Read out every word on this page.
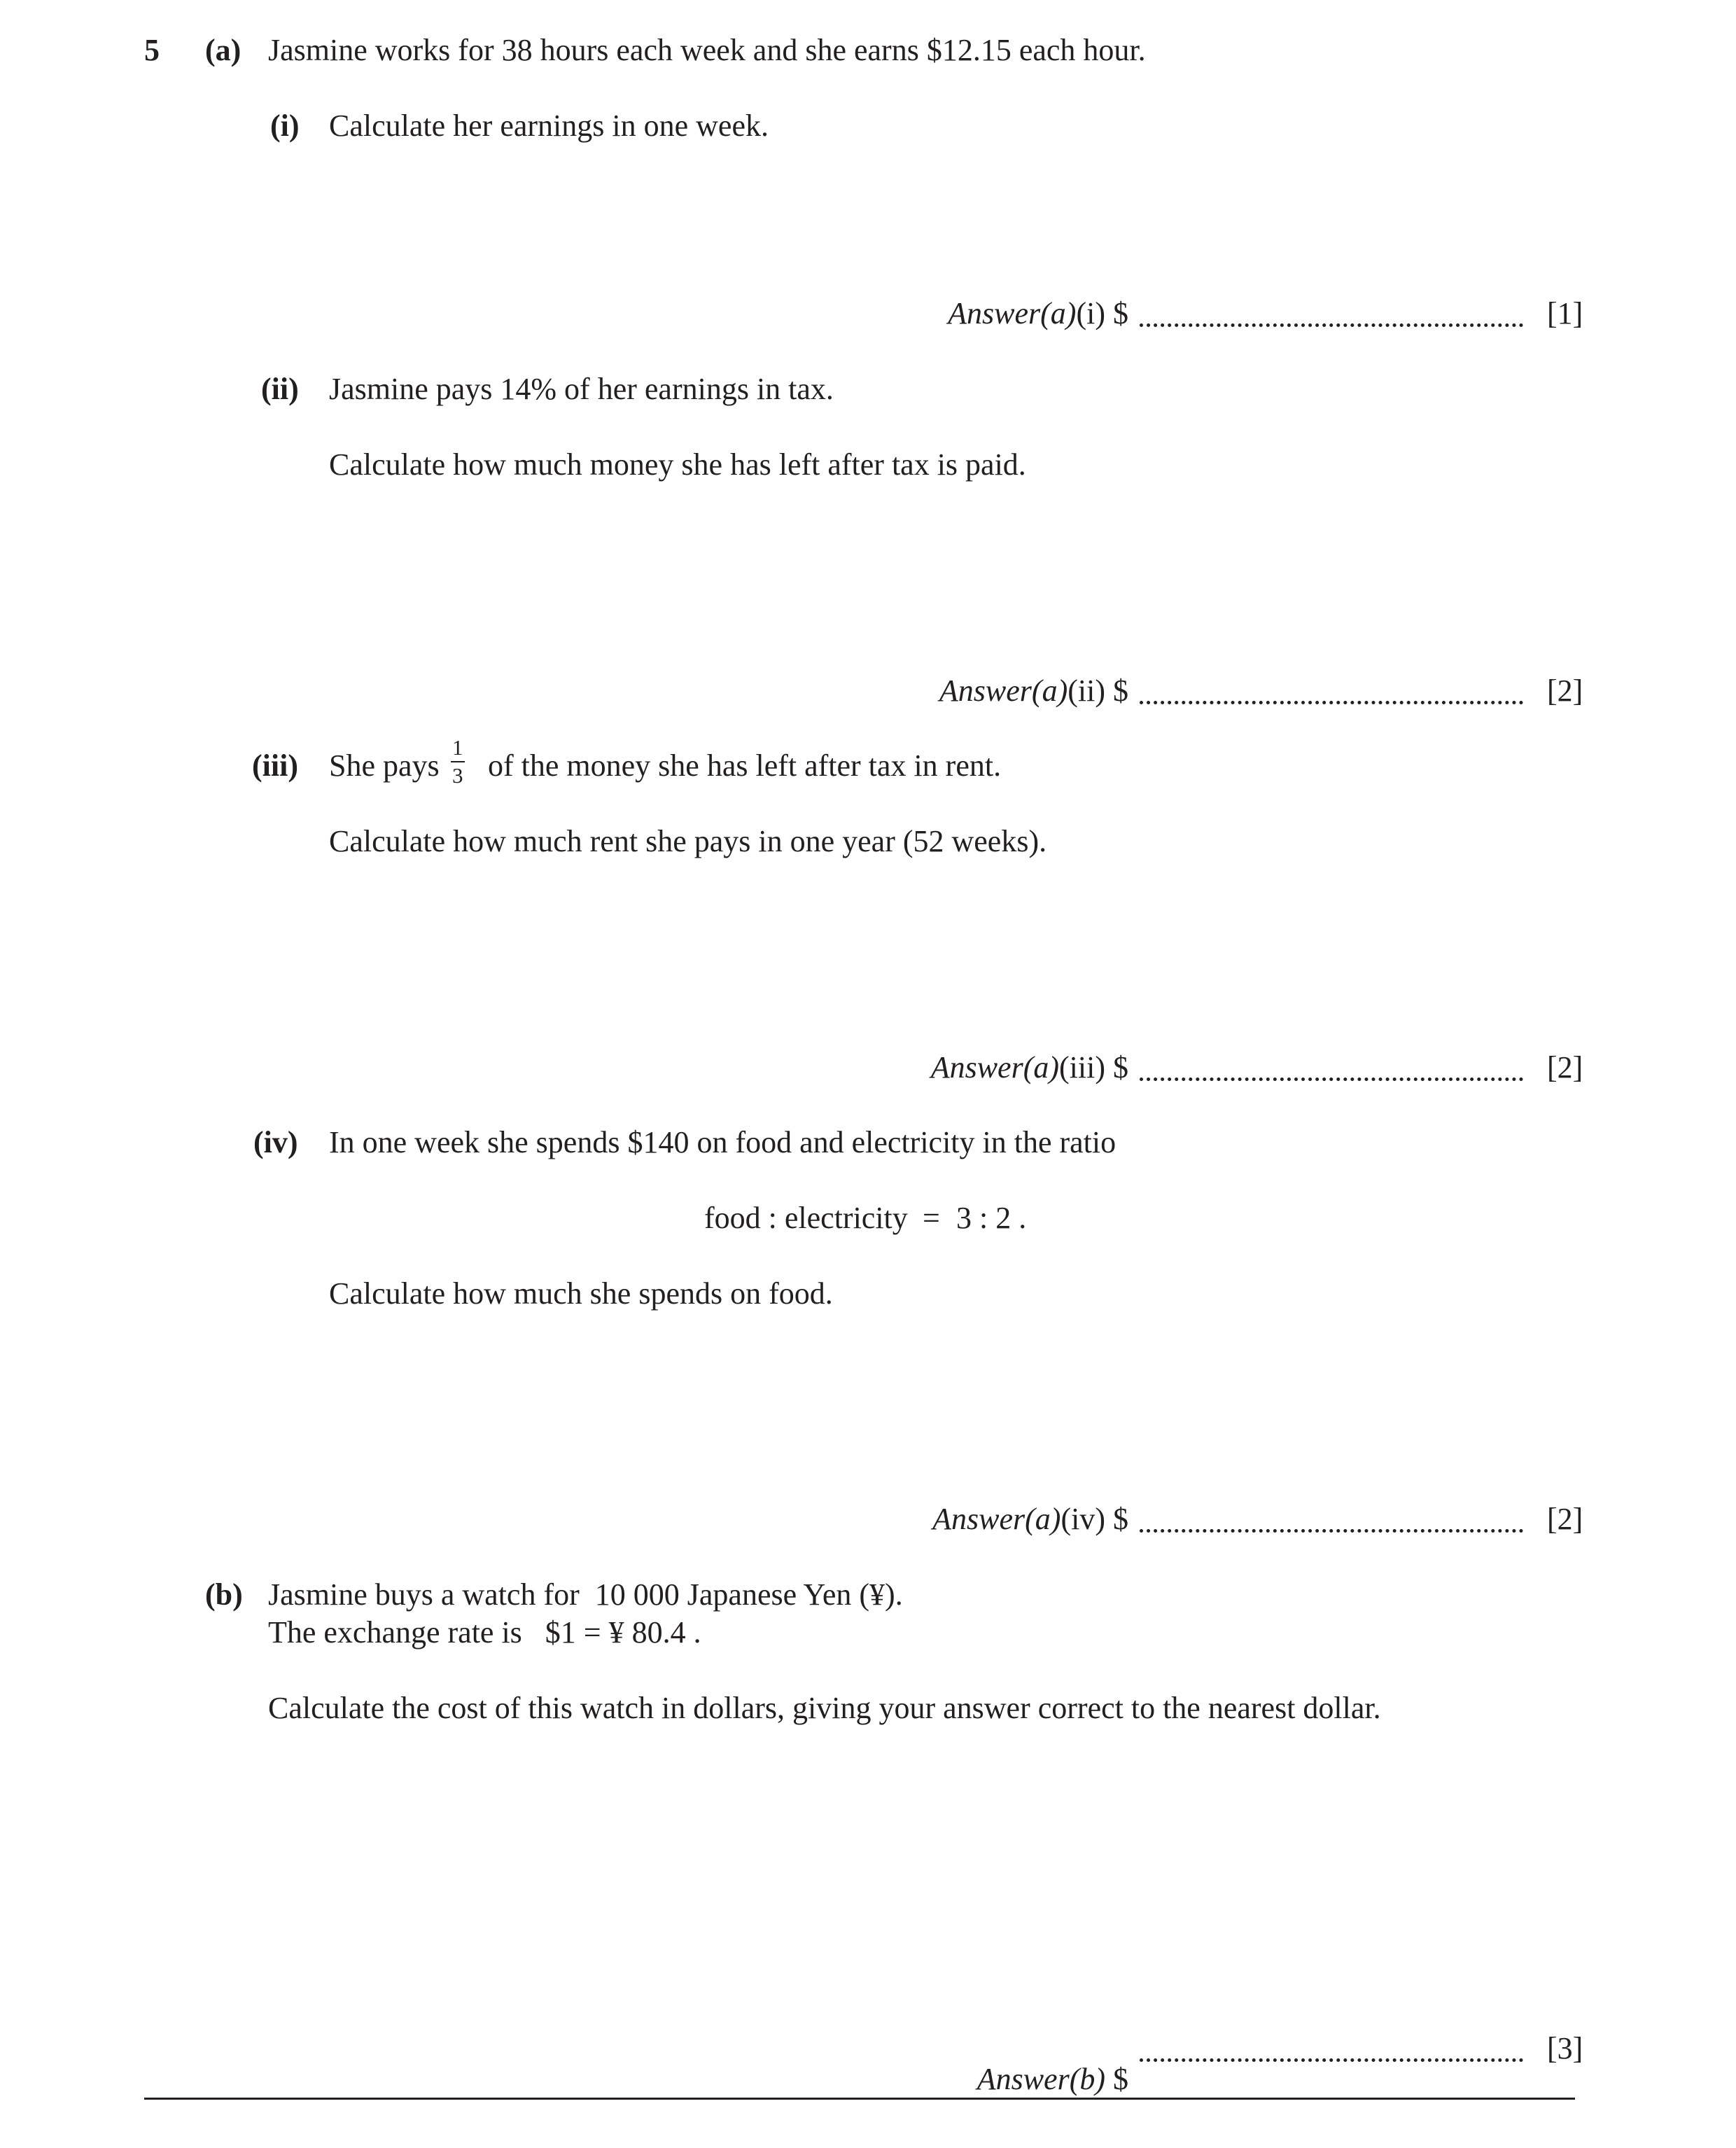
5 (a) Jasmine works for 38 hours each week and she earns $12.15 each hour.
(i) Calculate her earnings in one week.
Answer(a)(i) $	[1]
(ii) Jasmine pays 14% of her earnings in tax.
Calculate how much money she has left after tax is paid.
Answer(a)(ii) $	[2]
(iii) She pays $\frac{1}{3}$ of the money she has left after tax in rent.
Calculate how much rent she pays in one year (52 weeks).
Answer(a)(iii) $	[2]
(iv) In one week she spends $140 on food and electricity in the ratio
food : electricity = 3 : 2 .
Calculate how much she spends on food.
Answer(a)(iv) $	[2]
(b) Jasmine buys a watch for  10 000 Japanese Yen (¥).
The exchange rate is   $1 = ¥ 80.4 .
Calculate the cost of this watch in dollars, giving your answer correct to the nearest dollar.

Answer(b) $

[3]
